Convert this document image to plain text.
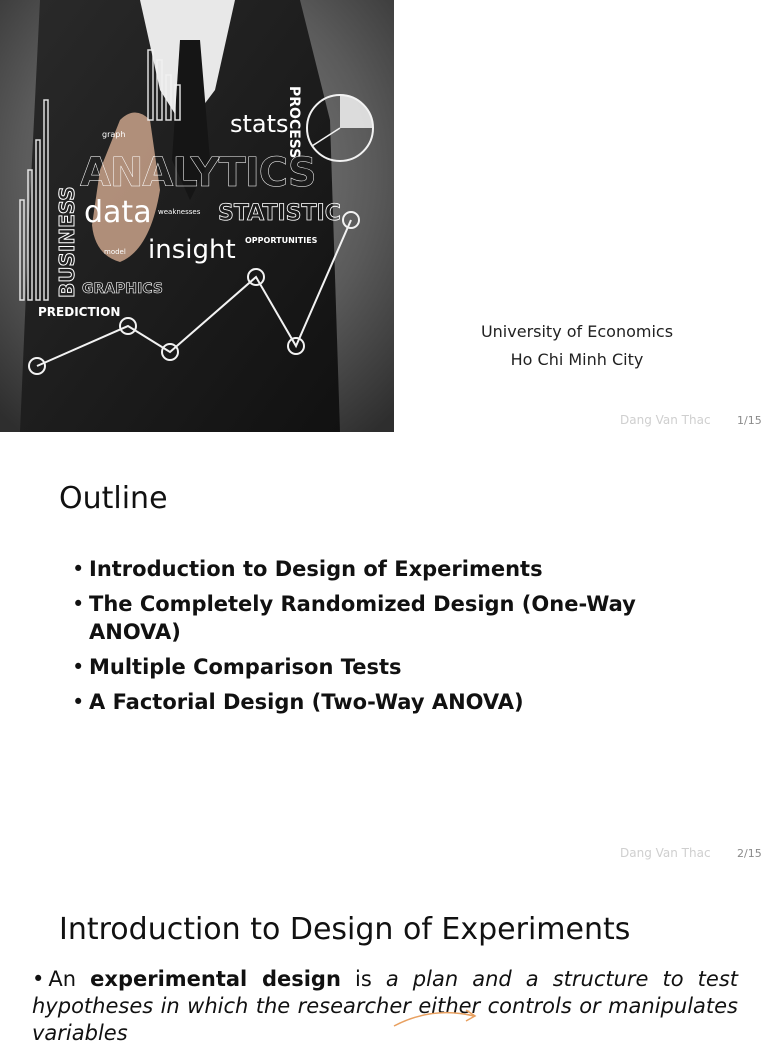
ANALYTICS
BUSINESS data
stats
PROCESS
STATISTIC
insight
GRAPHICS
PREDICTION
OPPORTUNITIES
graph
weaknesses
model
University of Economics
Ho Chi Minh City
Dang Van Thac 1/15
Outline
• Introduction to Design of Experiments
• The Completely Randomized Design (One-Way ANOVA)
• Multiple Comparison Tests
• A Factorial Design (Two-Way ANOVA)
Dang Van Thac 2/15
Introduction to Design of Experiments

• An experimental design is a plan and a structure to test hypotheses in which the researcher either controls or manipulates variables
